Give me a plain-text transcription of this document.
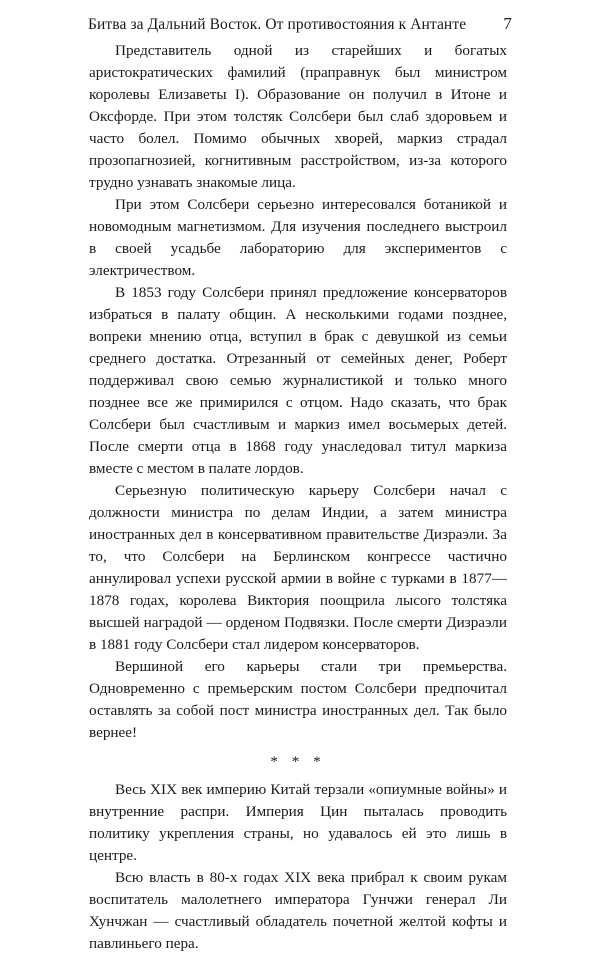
Битва за Дальний Восток. От противостояния к Антанте 7

Представитель одной из старейших и богатых аристократических фамилий (праправнук был министром королевы Елизаветы I). Образование он получил в Итоне и Оксфорде. При этом толстяк Солсбери был слаб здоровьем и часто болел. Помимо обычных хворей, маркиз страдал прозопагнозией, когнитивным расстройством, из-за которого трудно узнавать знакомые лица.

При этом Солсбери серьезно интересовался ботаникой и новомодным магнетизмом. Для изучения последнего выстроил в своей усадьбе лабораторию для экспериментов с электричеством.

В 1853 году Солсбери принял предложение консерваторов избраться в палату общин. А несколькими годами позднее, вопреки мнению отца, вступил в брак с девушкой из семьи среднего достатка. Отрезанный от семейных денег, Роберт поддерживал свою семью журналистикой и только много позднее все же примирился с отцом. Надо сказать, что брак Солсбери был счастливым и маркиз имел восьмерых детей. После смерти отца в 1868 году унаследовал титул маркиза вместе с местом в палате лордов.

Серьезную политическую карьеру Солсбери начал с должности министра по делам Индии, а затем министра иностранных дел в консервативном правительстве Дизраэли. За то, что Солсбери на Берлинском конгрессе частично аннулировал успехи русской армии в войне с турками в 1877—1878 годах, королева Виктория поощрила лысого толстяка высшей наградой — орденом Подвязки. После смерти Дизраэли в 1881 году Солсбери стал лидером консерваторов.

Вершиной его карьеры стали три премьерства. Одновременно с премьерским постом Солсбери предпочитал оставлять за собой пост министра иностранных дел. Так было вернее!

* * *

Весь XIX век империю Китай терзали «опиумные войны» и внутренние распри. Империя Цин пыталась проводить политику укрепления страны, но удавалось ей это лишь в центре.

Всю власть в 80-х годах XIX века прибрал к своим рукам воспитатель малолетнего императора Гунчжи генерал Ли Хунчжан — счастливый обладатель почетной желтой кофты и павлиньего пера.
